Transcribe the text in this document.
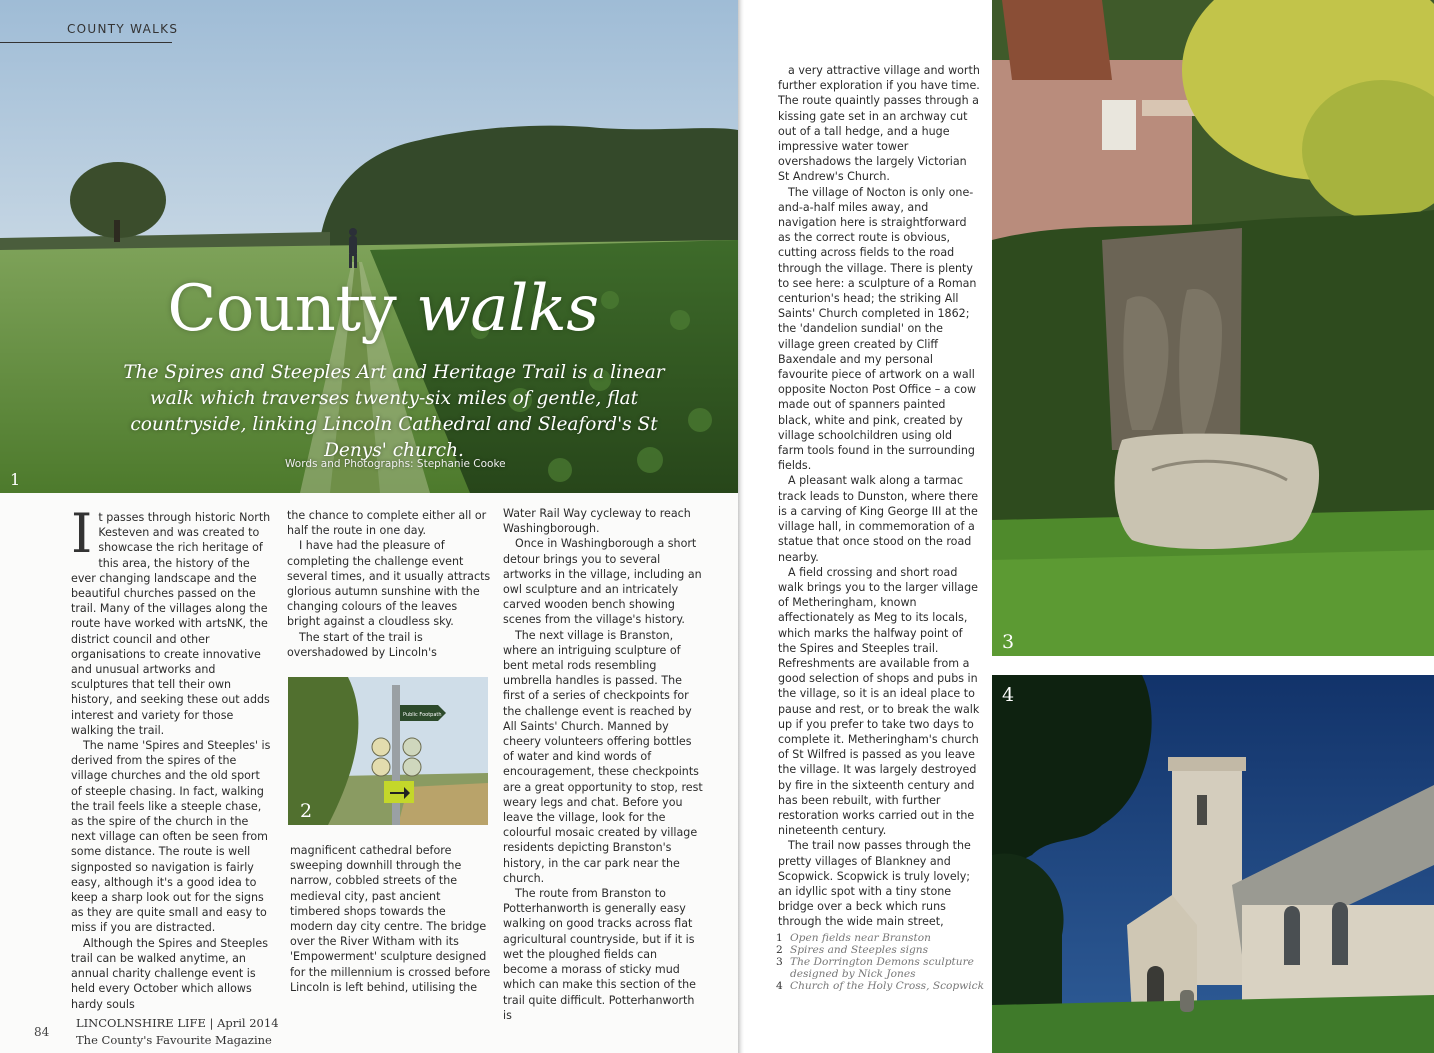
COUNTY WALKS
County walks
The Spires and Steeples Art and Heritage Trail is a linear walk which traverses twenty-six miles of gentle, flat countryside, linking Lincoln Cathedral and Sleaford's St Denys' church.
Words and Photographs: Stephanie Cooke
1

It passes through historic North Kesteven and was created to showcase the rich heritage of this area, the history of the ever changing landscape and the beautiful churches passed on the trail. Many of the villages along the route have worked with artsNK, the district council and other organisations to create innovative and unusual artworks and sculptures that tell their own history, and seeking these out adds interest and variety for those walking the trail.

The name 'Spires and Steeples' is derived from the spires of the village churches and the old sport of steeple chasing. In fact, walking the trail feels like a steeple chase, as the spire of the church in the next village can often be seen from some distance. The route is well signposted so navigation is fairly easy, although it's a good idea to keep a sharp look out for the signs as they are quite small and easy to miss if you are distracted.

Although the Spires and Steeples trail can be walked anytime, an annual charity challenge event is held every October which allows hardy souls

the chance to complete either all or half the route in one day.

I have had the pleasure of completing the challenge event several times, and it usually attracts glorious autumn sunshine with the changing colours of the leaves bright against a cloudless sky.

The start of the trail is overshadowed by Lincoln's

Public Footpath
2

magnificent cathedral before sweeping downhill through the narrow, cobbled streets of the medieval city, past ancient timbered shops towards the modern day city centre. The bridge over the River Witham with its 'Empowerment' sculpture designed for the millennium is crossed before Lincoln is left behind, utilising the

Water Rail Way cycleway to reach Washingborough.

Once in Washingborough a short detour brings you to several artworks in the village, including an owl sculpture and an intricately carved wooden bench showing scenes from the village's history.

The next village is Branston, where an intriguing sculpture of bent metal rods resembling umbrella handles is passed. The first of a series of checkpoints for the challenge event is reached by All Saints' Church. Manned by cheery volunteers offering bottles of water and kind words of encouragement, these checkpoints are a great opportunity to stop, rest weary legs and chat. Before you leave the village, look for the colourful mosaic created by village residents depicting Branston's history, in the car park near the church.

The route from Branston to Potterhanworth is generally easy walking on good tracks across flat agricultural countryside, but if it is wet the ploughed fields can become a morass of sticky mud which can make this section of the trail quite difficult. Potterhanworth is

84
LINCOLNSHIRE LIFE | April 2014
The County's Favourite Magazine

a very attractive village and worth further exploration if you have time. The route quaintly passes through a kissing gate set in an archway cut out of a tall hedge, and a huge impressive water tower overshadows the largely Victorian St Andrew's Church.

The village of Nocton is only one-and-a-half miles away, and navigation here is straightforward as the correct route is obvious, cutting across fields to the road through the village. There is plenty to see here: a sculpture of a Roman centurion's head; the striking All Saints' Church completed in 1862; the 'dandelion sundial' on the village green created by Cliff Baxendale and my personal favourite piece of artwork on a wall opposite Nocton Post Office – a cow made out of spanners painted black, white and pink, created by village schoolchildren using old farm tools found in the surrounding fields.

A pleasant walk along a tarmac track leads to Dunston, where there is a carving of King George III at the village hall, in commemoration of a statue that once stood on the road nearby.

A field crossing and short road walk brings you to the larger village of Metheringham, known affectionately as Meg to its locals, which marks the halfway point of the Spires and Steeples trail. Refreshments are available from a good selection of shops and pubs in the village, so it is an ideal place to pause and rest, or to break the walk up if you prefer to take two days to complete it. Metheringham's church of St Wilfred is passed as you leave the village. It was largely destroyed by fire in the sixteenth century and has been rebuilt, with further restoration works carried out in the nineteenth century.

The trail now passes through the pretty villages of Blankney and Scopwick. Scopwick is truly lovely; an idyllic spot with a tiny stone bridge over a beck which runs through the wide main street,

3
4
1 Open fields near Branston
2 Spires and Steeples signs
3 The Dorrington Demons sculpture designed by Nick Jones
4 Church of the Holy Cross, Scopwick
